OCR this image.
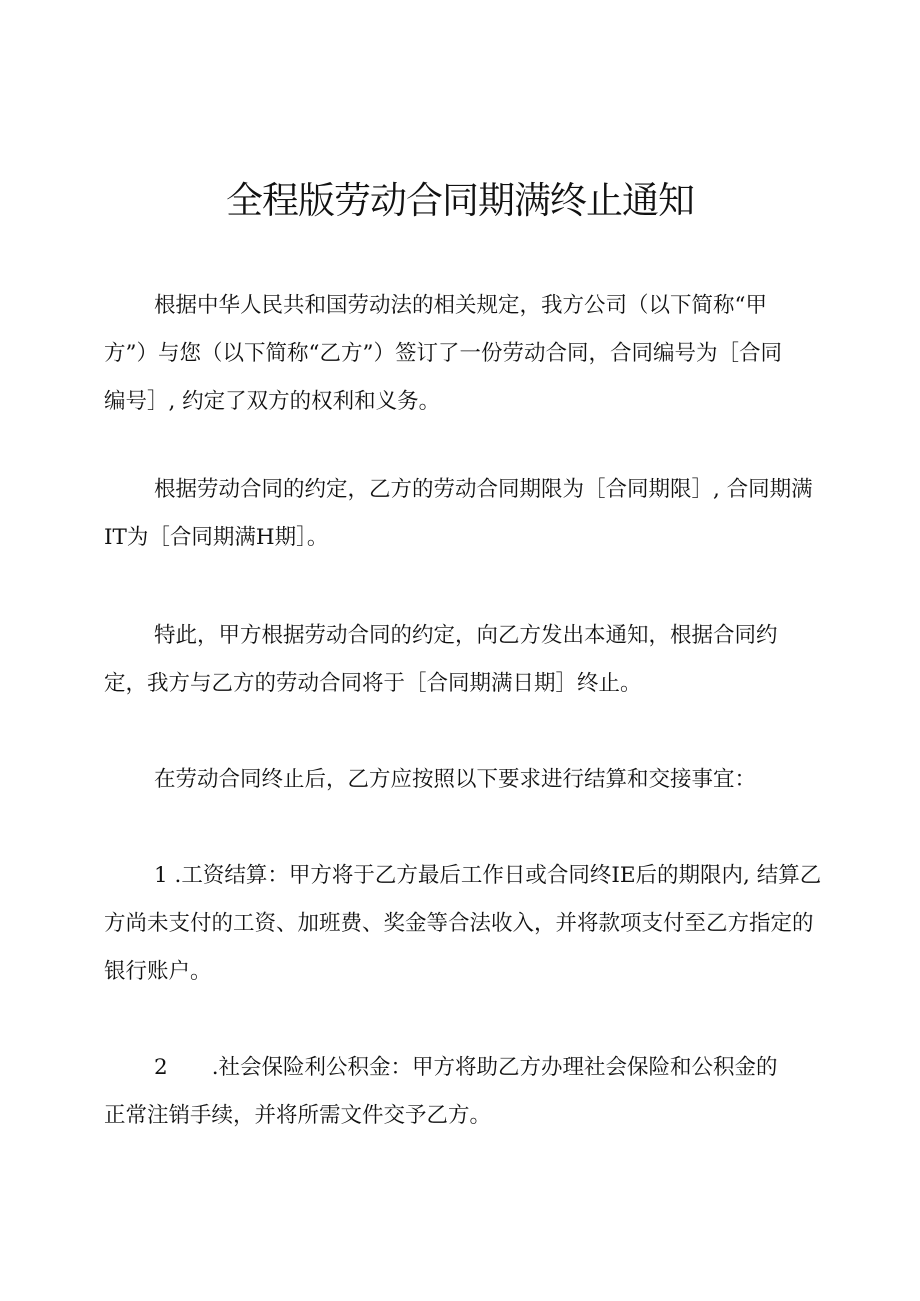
全程版劳动合同期满终止通知
根据中华人民共和国劳动法的相关规定，我方公司（以下简称“甲
方”）与您（以下简称“乙方”）签订了一份劳动合同，合同编号为［合同
编号］, 约定了双方的权利和义务。
根据劳动合同的约定，乙方的劳动合同期限为［合同期限］, 合同期满
IT为［合同期满H期］。
特此，甲方根据劳动合同的约定，向乙方发出本通知，根据合同约
定，我方与乙方的劳动合同将于［合同期满日期］终止。
在劳动合同终止后，乙方应按照以下要求进行结算和交接事宜：
1 .工资结算：甲方将于乙方最后工作日或合同终IE后的期限内, 结算乙
方尚未支付的工资、加班费、奖金等合法收入，并将款项支付至乙方指定的
银行账户。
2 .社会保险利公积金：甲方将助乙方办理社会保险和公积金的
正常注销手续，并将所需文件交予乙方。
